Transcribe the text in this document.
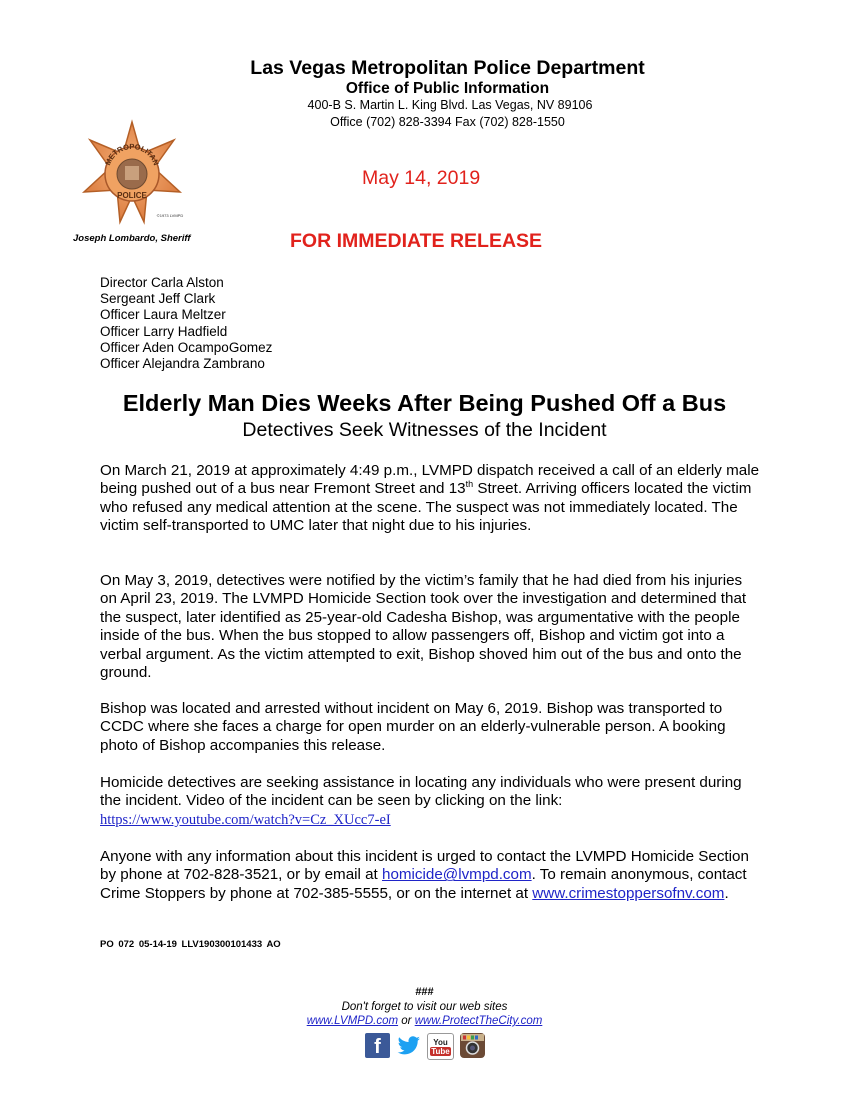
Las Vegas Metropolitan Police Department
Office of Public Information
400-B S. Martin L. King Blvd. Las Vegas, NV 89106
Office (702) 828-3394 Fax (702) 828-1550
METROPOLITAN
POLICE
©1973 LVMPD
Joseph Lombardo, Sheriff
May 14, 2019
FOR IMMEDIATE RELEASE
Director Carla Alston
Sergeant Jeff Clark
Officer Laura Meltzer
Officer Larry Hadfield
Officer Aden OcampoGomez
Officer Alejandra Zambrano
Elderly Man Dies Weeks After Being Pushed Off a Bus
Detectives Seek Witnesses of the Incident

On March 21, 2019 at approximately 4:49 p.m., LVMPD dispatch received a call of an elderly male being pushed out of a bus near Fremont Street and 13th Street. Arriving officers located the victim who refused any medical attention at the scene. The suspect was not immediately located. The victim self-transported to UMC later that night due to his injuries.

On May 3, 2019, detectives were notified by the victim’s family that he had died from his injuries on April 23, 2019. The LVMPD Homicide Section took over the investigation and determined that the suspect, later identified as 25-year-old Cadesha Bishop, was argumentative with the people inside of the bus. When the bus stopped to allow passengers off, Bishop and victim got into a verbal argument. As the victim attempted to exit, Bishop shoved him out of the bus and onto the ground.

Bishop was located and arrested without incident on May 6, 2019. Bishop was transported to CCDC where she faces a charge for open murder on an elderly-vulnerable person. A booking photo of Bishop accompanies this release.

Homicide detectives are seeking assistance in locating any individuals who were present during the incident. Video of the incident can be seen by clicking on the link:
https://www.youtube.com/watch?v=Cz_XUcc7-eI

Anyone with any information about this incident is urged to contact the LVMPD Homicide Section by phone at 702-828-3521, or by email at homicide@lvmpd.com. To remain anonymous, contact Crime Stoppers by phone at 702-385-5555, or on the internet at www.crimestoppersofnv.com.

PO 072 05-14-19 LLV190300101433 AO
###
Don't forget to visit our web sites
www.LVMPD.com or www.ProtectTheCity.com
f	You
Tube
